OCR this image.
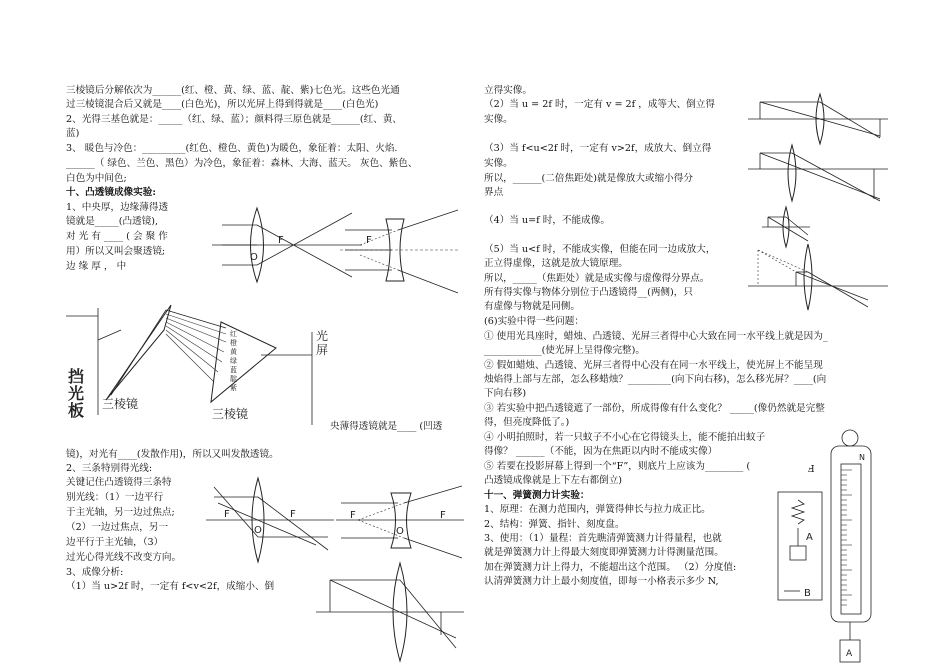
三棱镜后分解依次为______(红、橙、黄、绿、蓝、靛、紫)七色光。这些色光通
过三棱镜混合后又就是____(白色光)，所以光屏上得到得就是____(白色光)
2、光得三基色就是：_____（红、绿、蓝）；颜料得三原色就是______(红、黄、
蓝)
3、 暖色与冷色：_________(红色、橙色、黄色)为暖色，象征着：太阳、火焰.
______（ 绿色、兰色、黑色）为冷色，象征着：森林、大海、蓝天。 灰色、紫色、
白色为中间色;
十、凸透镜成像实验:
1、中央厚，边缘薄得透
镜就是_____(凸透镜),
对 光 有 ____ ( 会 聚 作
用）所以又叫会聚透镜;
边 缘 厚 ， 中
央薄得透镜就是____ (凹透
镜)，对光有____(发散作用)，所以又叫发散透镜。
2、三条特别得光线:
关键记住凸透镜得三条特
别光线：（1）一边平行
于主光轴，另一边过焦点;
（2）一边过焦点，另一
边平行于主光轴，（3）
过光心得光线不改变方向。
3、成像分析:
（1）当 u>2f 时，一定有 f<v<2f，成缩小、倒
O
F	F
三棱镜
三棱镜
光
屏
挡
光
板
红
橙
黄
绿
蓝
靛
紫
F	F
O
F	F
O
立得实像。
（2）当 u = 2f 时，一定有 v = 2f ，成等大、倒立得
实像。
（3）当 f<u<2f 时，一定有 v>2f，成放大、倒立得
实像。
所以，______(二倍焦距处)就是像放大或缩小得分
界点
（4）当 u=f 时，不能成像。
（5）当 u<f 时，不能成实像，但能在同一边成放大，
正立得虚像，这就是放大镜原理。
所以，_____（焦距处）就是成实像与虚像得分界点。
所有得实像与物体分别位于凸透镜得__(两侧)，只
有虚像与物就是同侧。
(6)实验中得一些问题：
① 使用光具座时，蜡烛、凸透镜、光屏三者得中心大致在同一水平线上就是因为_
____________(使光屏上呈得像完整)。
② 假如蜡烛、凸透镜、光屏三者得中心没有在同一水平线上，使光屏上不能呈现
烛焰得上部与左部，怎么移蜡烛？_________(向下向右移)，怎么移光屏？____(向
下向右移)
③ 若实验中把凸透镜遮了一部份，所成得像有什么变化？ _____(像仍然就是完整
得，但亮度降低了。)
④ 小明拍照时，若一只蚊子不小心在它得镜头上，能不能拍出蚊子
得像？ ______（不能，因为在焦距以内时不能成实像）
⑤ 若要在投影屏幕上得到一个“F”，则底片上应该为________ (
凸透镜成像就是上下左右都倒立)
十一、弹簧测力计实验：
1、原理：在测力范围内，弹簧得伸长与拉力成正比。
2、结构：弹簧、指针、刻度盘。
3、使用：（1）量程：首先瞧清弹簧测力计得量程，也就
就是弹簧测力计上得最大刻度即弹簧测力计得测量范围。
加在弹簧测力计上得力，不能超出这个范围。 （2）分度值:
认清弹簧测力计上最小刻度值，即每一小格表示多少 N,
F
A
B
N
A
